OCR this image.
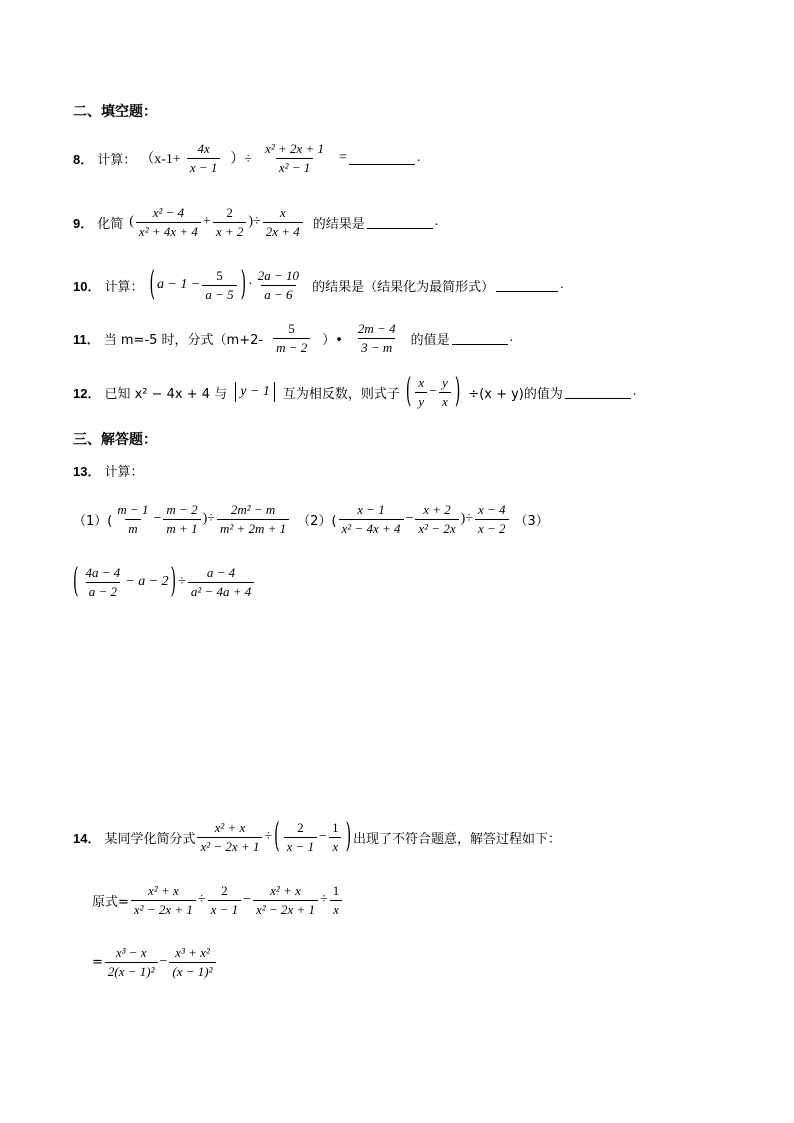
二、填空题：
8． 计算： （$x-1+ \frac{4x}{x - 1}$ ）÷ $\frac{\text{x² + 2x + 1}}{\text{x² − 1}}$ =	.
9． 化简 ( $\frac{\text{x² − 4}}{\text{x² + 4x + 4}} + \frac{2}{x + 2}$ )÷ $\frac{x}{2x + 4}$ 的结果是	.
10． 计算： ( $a - 1 - \frac{5}{a - 5}$ ) · $\frac{2a - 10}{a - 6}$ 的结果是（结果化为最简形式）	.
11． 当 m=-5 时，分式（$m+2- \frac{5}{m - 2}$ ）• $\frac{2m - 4}{3 - m}$ 的值是	.
12． 已知 x² − 4x + 4 与 y − 1	互为相反数，则式子 ( $\frac{x}{y} - \frac{y}{x}$ ) ÷(x + y)的值为	.
三、解答题：
13． 计算：
$(1)( \frac{m - 1}{m} - \frac{m - 2}{m + 1}$ )÷ $\frac{\text{2m² − m}}{\text{m² + 2m + 1}} (2)( \frac{x - 1}{\text{x² − 4x + 4}} - \frac{x + 2}{\text{x² − 2x}}$ )÷ $\frac{x - 4}{x - 2} (3)$
( $\frac{4a - 4}{a - 2} - a - 2$ ) ÷ $\frac{a - 4}{\text{a² − 4a + 4}}$
14． 某同学化简分式 $\frac{\text{x² + x}}{\text{x² − 2x + 1}}$ ÷ ( $\frac{2}{x - 1} - \frac{1}{x}$ ) 出现了不符合题意，解答过程如下：
原式= $\frac{\text{x² + x}}{\text{x² − 2x + 1}} \div \frac{2}{x - 1} - \frac{\text{x² + x}}{\text{x² − 2x + 1}} \div \frac{1}{x}$
= $\frac{\text{x³ − x}}{\text{2(x − 1)²}} - \frac{\text{x³ + x²}}{\text{(x − 1)²}}$
